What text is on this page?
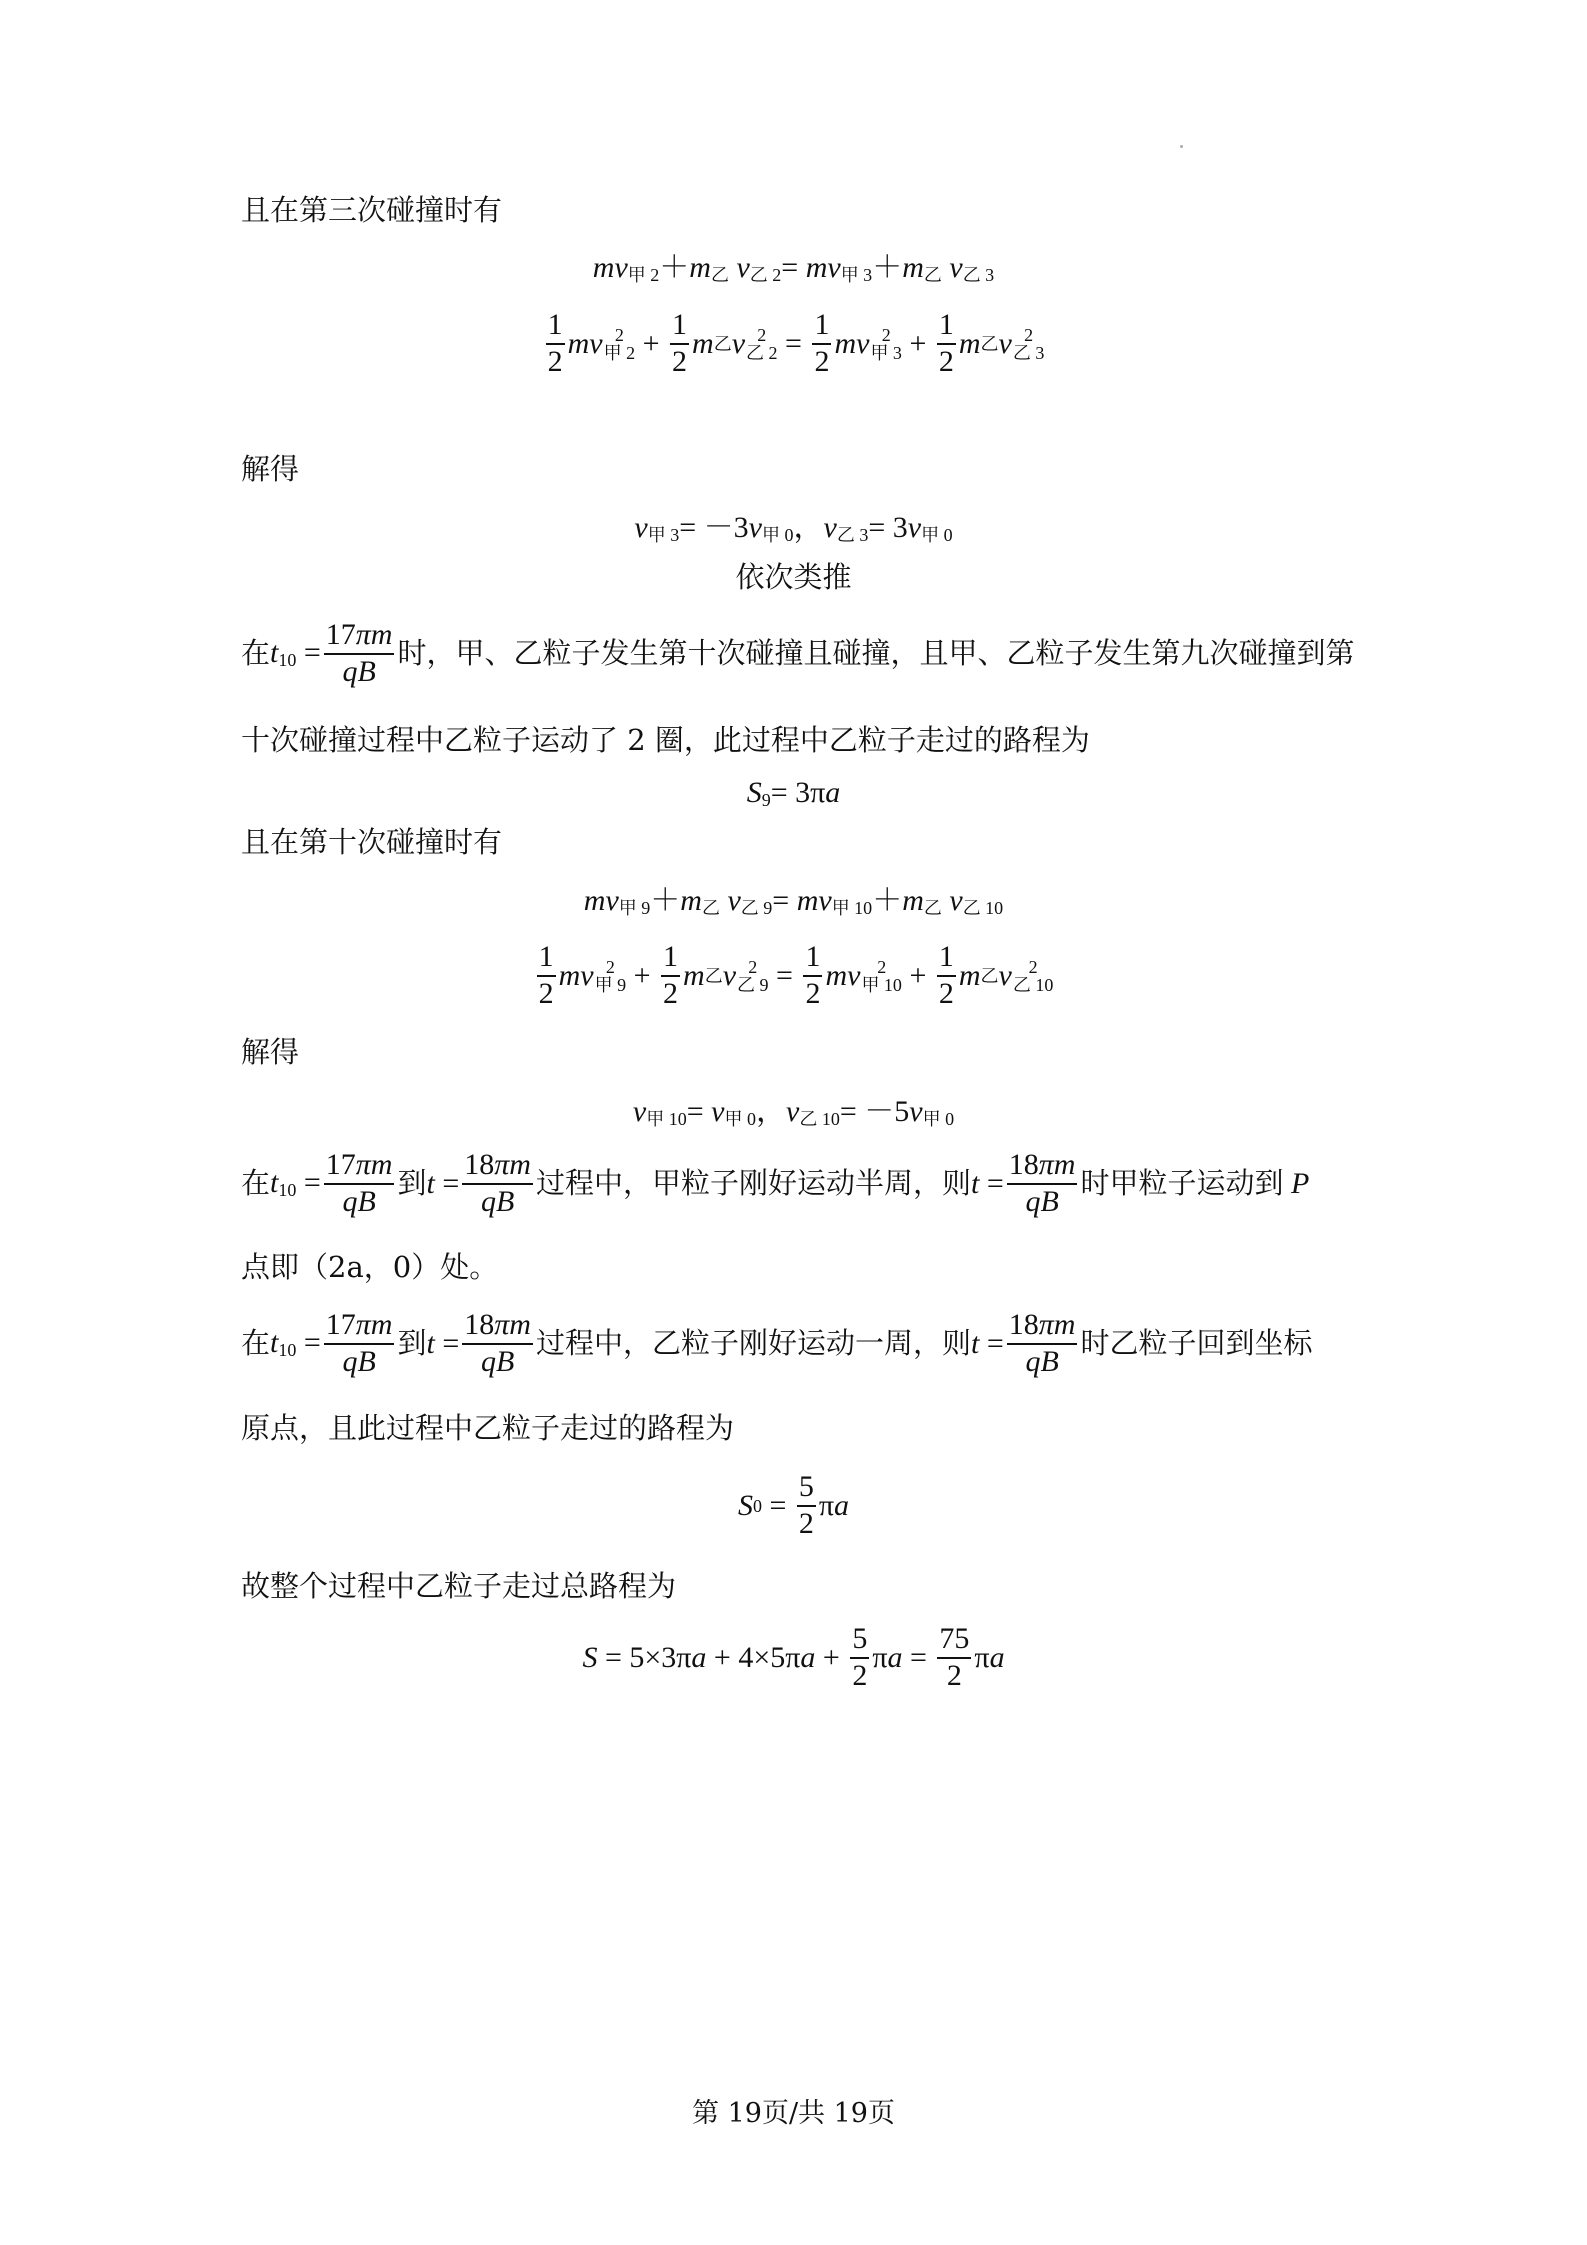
且在第三次碰撞时有
$mv_{甲 2}+m_乙$ $v_{乙 2}= mv_{甲 3}+m_乙$ $v_{乙 3}$
$\frac{1}{2}$ mv 2
甲 $2 + \frac{1}{2}$ m 乙 v 2
乙 $2 = \frac{1}{2}$ mv 2
甲 $3 + \frac{1}{2}$ m 乙 v 2
乙 3
解得
$v_{甲 3}= -3v_{甲 0}$，$v_{乙 3}= 3v_{甲 0}$
依次类推
在 $t_{10} = \frac{17\pi m}{qB}$ 时，甲、乙粒子发生第十次碰撞且碰撞，且甲、乙粒子发生第九次碰撞到第
十次碰撞过程中乙粒子运动了 2 圈，此过程中乙粒子走过的路程为
$S_9= 3\pi a$
且在第十次碰撞时有
$mv_{甲 9}+m_乙$ $v_{乙 9}= mv_{甲 10}+m_乙$ $v_{乙 10}$
$\frac{1}{2}$ mv 2
甲 $9 + \frac{1}{2}$ m 乙 v 2
乙 $9 = \frac{1}{2}$ mv 2
甲 $10 + \frac{1}{2}$ m 乙 v 2
乙 10
解得
$v_{甲 10}= v_{甲 0}$，$v_{乙 10}= -5v_{甲 0}$
在 $t_{10} = \frac{17\pi m}{qB}$ 到 $t = \frac{18\pi m}{qB}$ 过程中，甲粒子刚好运动半周，则 $t = \frac{18\pi m}{qB}$ 时甲粒子运动到 P
点即（2a，0）处。
在 $t_{10} = \frac{17\pi m}{qB}$ 到 $t = \frac{18\pi m}{qB}$ 过程中，乙粒子刚好运动一周，则 $t = \frac{18\pi m}{qB}$ 时乙粒子回到坐标
原点，且此过程中乙粒子走过的路程为
S $0 = \frac{5}{2}$ π a
故整个过程中乙粒子走过总路程为
S = 5×3π a + 4×5π $a + \frac{5}{2}$ π $a = \frac{75}{2}$ π a
第 19页/共 19页
